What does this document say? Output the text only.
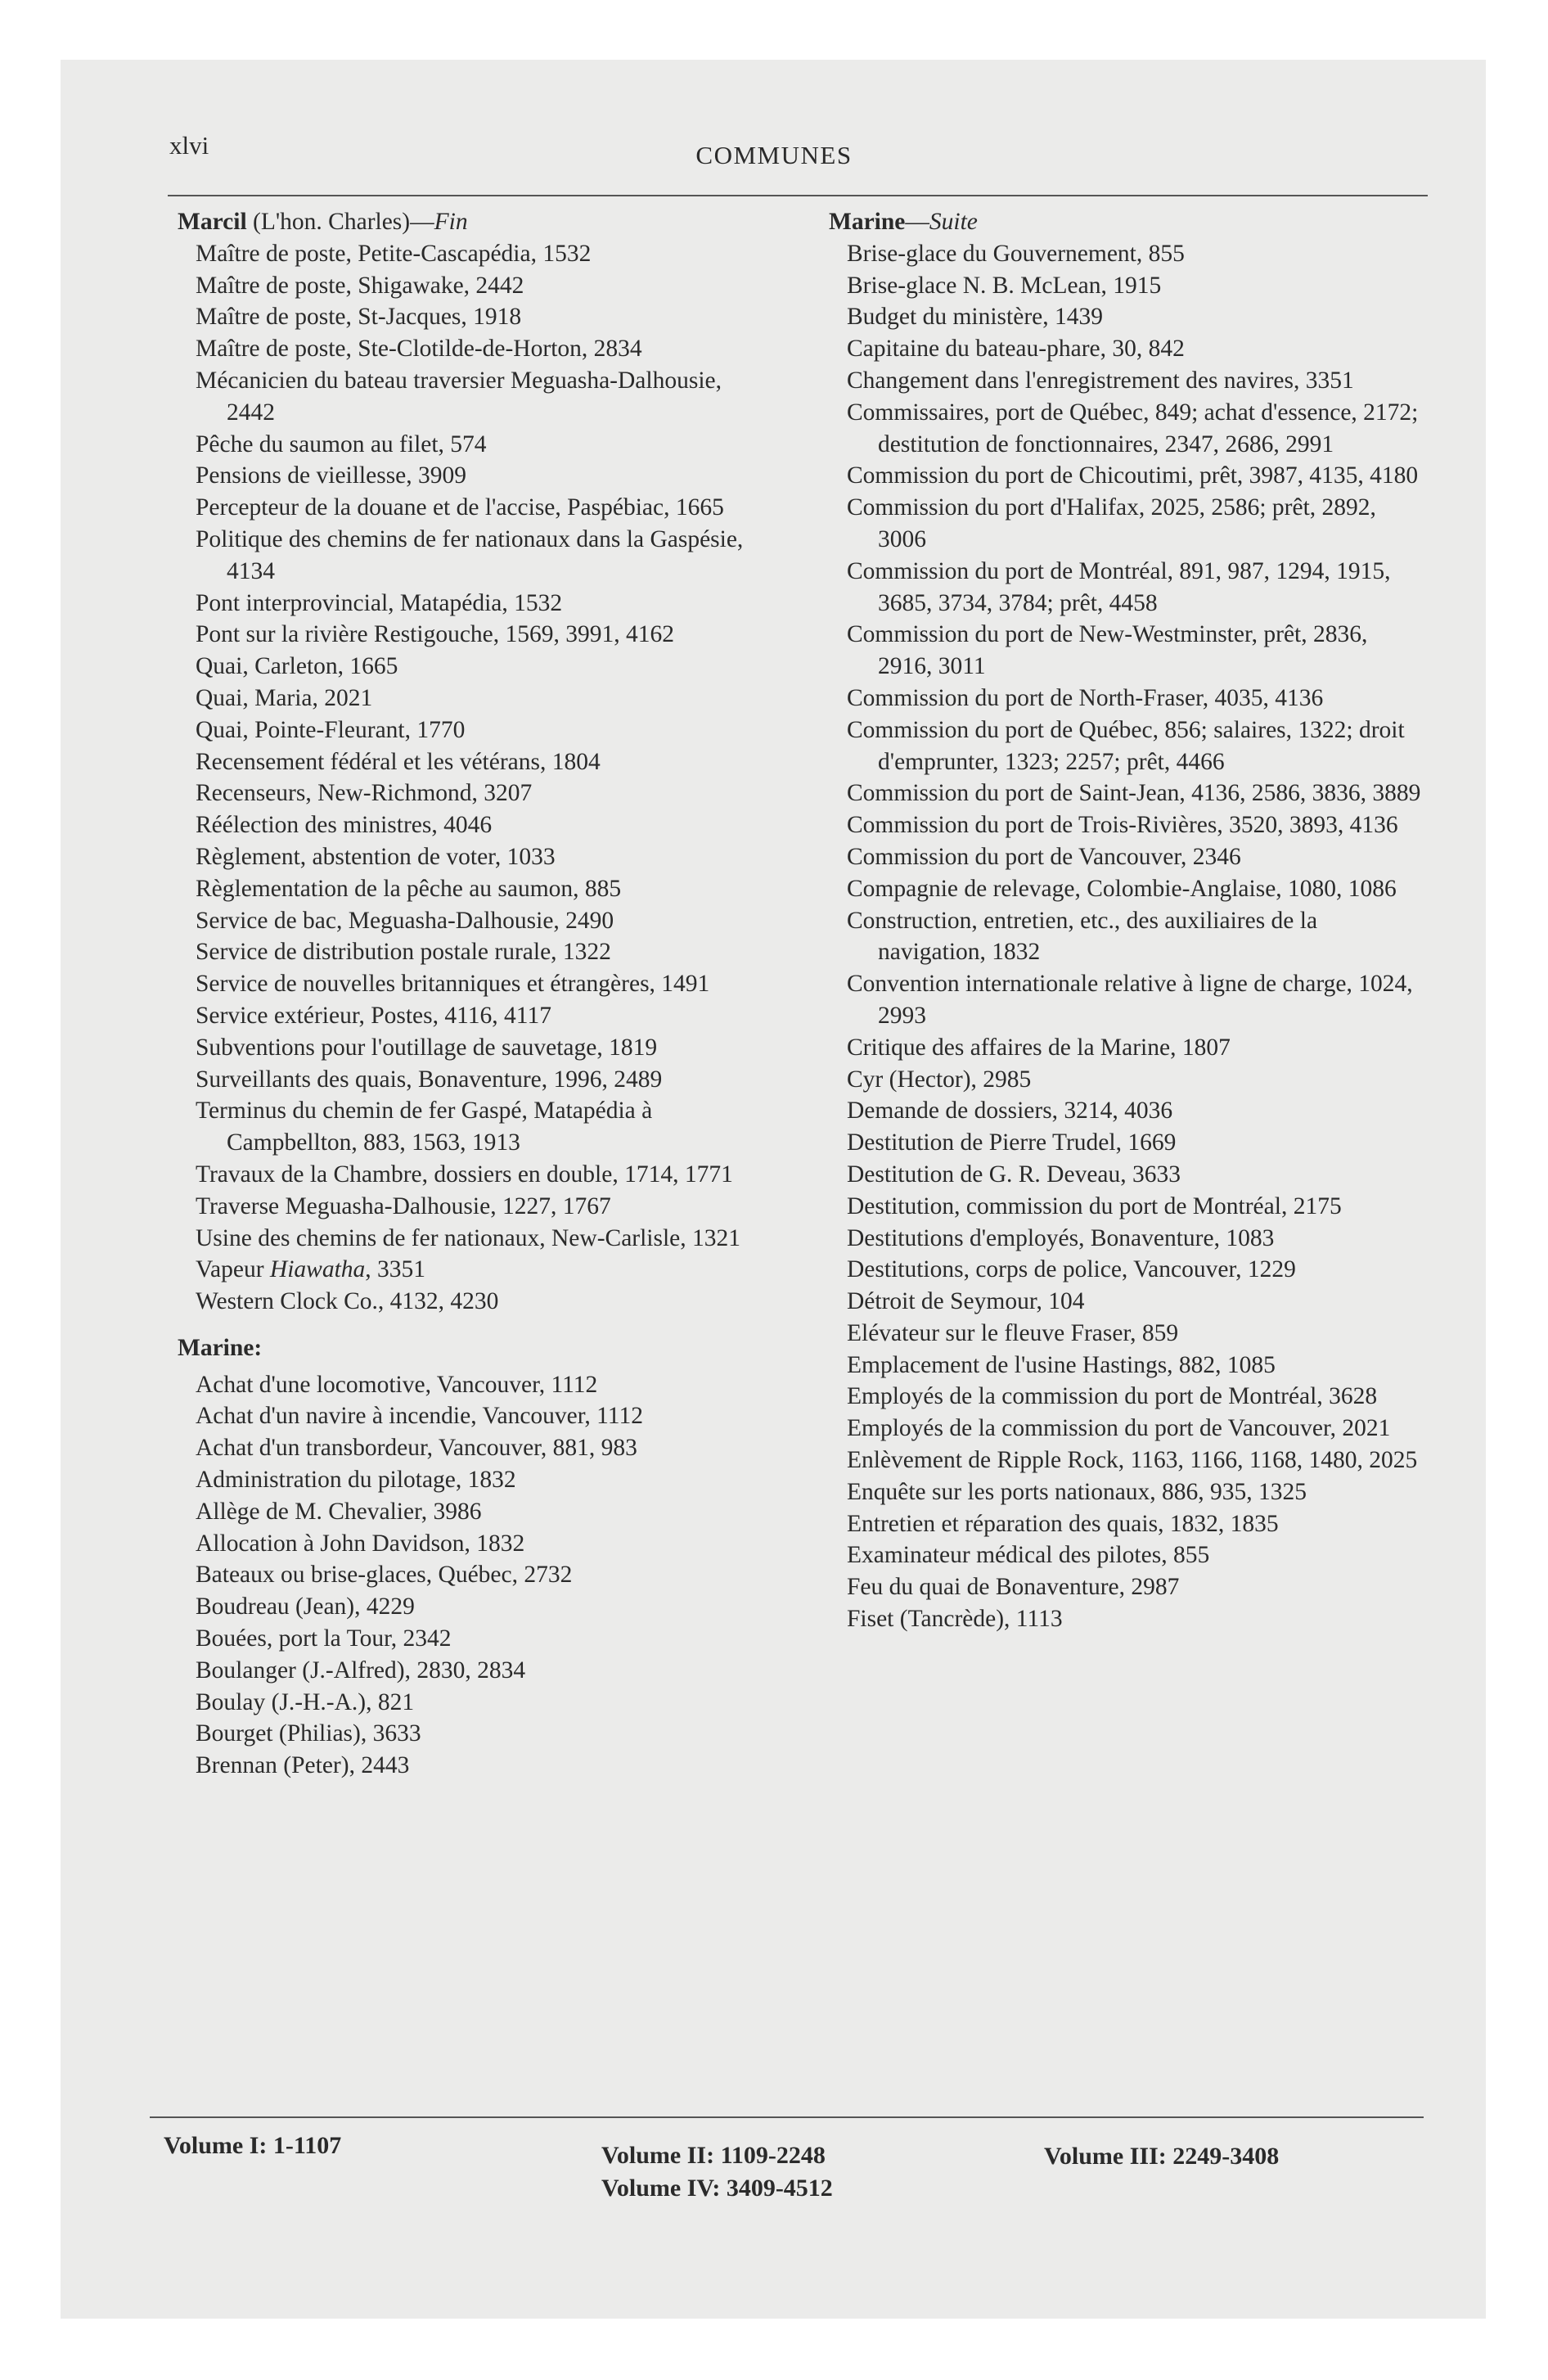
xlvi	COMMUNES

Marcil (L'hon. Charles)—Fin

Maître de poste, Petite-Cascapédia, 1532

Maître de poste, Shigawake, 2442

Maître de poste, St-Jacques, 1918

Maître de poste, Ste-Clotilde-de-Horton, 2834

Mécanicien du bateau traversier Meguasha-Dalhousie, 2442

Pêche du saumon au filet, 574

Pensions de vieillesse, 3909

Percepteur de la douane et de l'accise, Paspébiac, 1665

Politique des chemins de fer nationaux dans la Gaspésie, 4134

Pont interprovincial, Matapédia, 1532

Pont sur la rivière Restigouche, 1569, 3991, 4162

Quai, Carleton, 1665

Quai, Maria, 2021

Quai, Pointe-Fleurant, 1770

Recensement fédéral et les vétérans, 1804

Recenseurs, New-Richmond, 3207

Réélection des ministres, 4046

Règlement, abstention de voter, 1033

Règlementation de la pêche au saumon, 885

Service de bac, Meguasha-Dalhousie, 2490

Service de distribution postale rurale, 1322

Service de nouvelles britanniques et étrangères, 1491

Service extérieur, Postes, 4116, 4117

Subventions pour l'outillage de sauvetage, 1819

Surveillants des quais, Bonaventure, 1996, 2489

Terminus du chemin de fer Gaspé, Matapédia à Campbellton, 883, 1563, 1913

Travaux de la Chambre, dossiers en double, 1714, 1771

Traverse Meguasha-Dalhousie, 1227, 1767

Usine des chemins de fer nationaux, New-Carlisle, 1321

Vapeur Hiawatha, 3351

Western Clock Co., 4132, 4230

Marine:

Achat d'une locomotive, Vancouver, 1112

Achat d'un navire à incendie, Vancouver, 1112

Achat d'un transbordeur, Vancouver, 881, 983

Administration du pilotage, 1832

Allège de M. Chevalier, 3986

Allocation à John Davidson, 1832

Bateaux ou brise-glaces, Québec, 2732

Boudreau (Jean), 4229

Bouées, port la Tour, 2342

Boulanger (J.-Alfred), 2830, 2834

Boulay (J.-H.-A.), 821

Bourget (Philias), 3633

Brennan (Peter), 2443

Marine—Suite

Brise-glace du Gouvernement, 855

Brise-glace N. B. McLean, 1915

Budget du ministère, 1439

Capitaine du bateau-phare, 30, 842

Changement dans l'enregistrement des navires, 3351

Commissaires, port de Québec, 849; achat d'essence, 2172; destitution de fonctionnaires, 2347, 2686, 2991

Commission du port de Chicoutimi, prêt, 3987, 4135, 4180

Commission du port d'Halifax, 2025, 2586; prêt, 2892, 3006

Commission du port de Montréal, 891, 987, 1294, 1915, 3685, 3734, 3784; prêt, 4458

Commission du port de New-Westminster, prêt, 2836, 2916, 3011

Commission du port de North-Fraser, 4035, 4136

Commission du port de Québec, 856; salaires, 1322; droit d'emprunter, 1323; 2257; prêt, 4466

Commission du port de Saint-Jean, 4136, 2586, 3836, 3889

Commission du port de Trois-Rivières, 3520, 3893, 4136

Commission du port de Vancouver, 2346

Compagnie de relevage, Colombie-Anglaise, 1080, 1086

Construction, entretien, etc., des auxiliaires de la navigation, 1832

Convention internationale relative à ligne de charge, 1024, 2993

Critique des affaires de la Marine, 1807

Cyr (Hector), 2985

Demande de dossiers, 3214, 4036

Destitution de Pierre Trudel, 1669

Destitution de G. R. Deveau, 3633

Destitution, commission du port de Montréal, 2175

Destitutions d'employés, Bonaventure, 1083

Destitutions, corps de police, Vancouver, 1229

Détroit de Seymour, 104

Elévateur sur le fleuve Fraser, 859

Emplacement de l'usine Hastings, 882, 1085

Employés de la commission du port de Montréal, 3628

Employés de la commission du port de Vancouver, 2021

Enlèvement de Ripple Rock, 1163, 1166, 1168, 1480, 2025

Enquête sur les ports nationaux, 886, 935, 1325

Entretien et réparation des quais, 1832, 1835

Examinateur médical des pilotes, 855

Feu du quai de Bonaventure, 2987

Fiset (Tancrède), 1113

Volume I: 1-1107	Volume II: 1109-2248	Volume III: 2249-3408
Volume IV: 3409-4512
